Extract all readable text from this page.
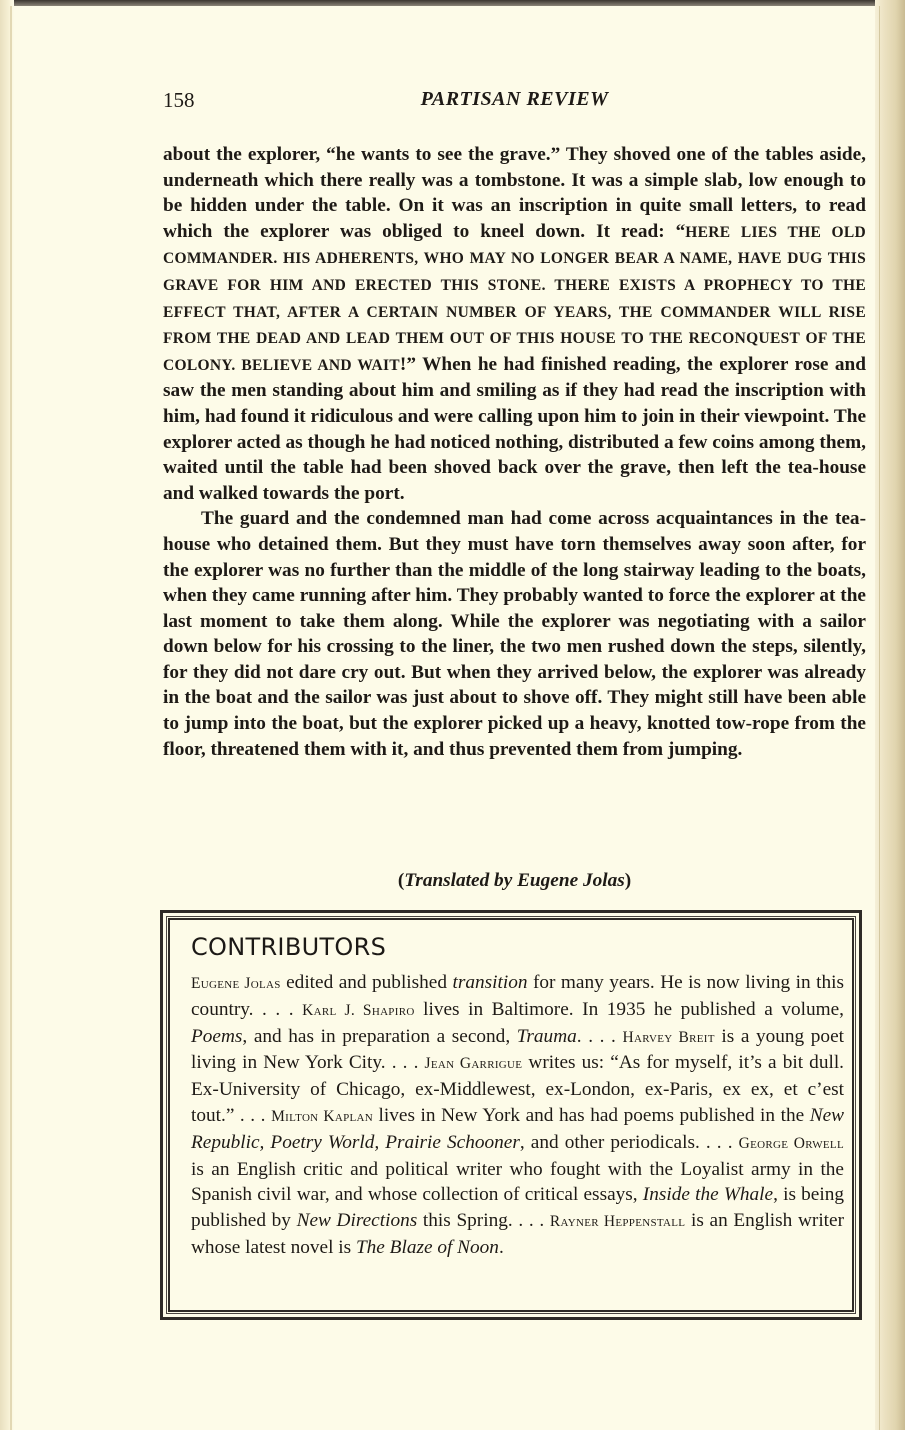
158	PARTISAN REVIEW

about the explorer, “he wants to see the grave.” They shoved one of the tables aside, underneath which there really was a tombstone. It was a simple slab, low enough to be hidden under the table. On it was an inscription in quite small letters, to read which the explorer was obliged to kneel down. It read: “HERE LIES THE OLD COMMANDER. HIS ADHERENTS, WHO MAY NO LONGER BEAR A NAME, HAVE DUG THIS GRAVE FOR HIM AND ERECTED THIS STONE. THERE EXISTS A PROPHECY TO THE EFFECT THAT, AFTER A CERTAIN NUMBER OF YEARS, THE COMMANDER WILL RISE FROM THE DEAD AND LEAD THEM OUT OF THIS HOUSE TO THE RECONQUEST OF THE COLONY. BELIEVE AND WAIT!” When he had finished reading, the explorer rose and saw the men standing about him and smiling as if they had read the inscription with him, had found it ridiculous and were calling upon him to join in their viewpoint. The explorer acted as though he had noticed nothing, distributed a few coins among them, waited until the table had been shoved back over the grave, then left the tea-house and walked towards the port.

The guard and the condemned man had come across acquaintances in the tea-house who detained them. But they must have torn themselves away soon after, for the explorer was no further than the middle of the long stairway leading to the boats, when they came running after him. They probably wanted to force the explorer at the last moment to take them along. While the explorer was negotiating with a sailor down below for his crossing to the liner, the two men rushed down the steps, silently, for they did not dare cry out. But when they arrived below, the explorer was already in the boat and the sailor was just about to shove off. They might still have been able to jump into the boat, but the explorer picked up a heavy, knotted tow-rope from the floor, threatened them with it, and thus prevented them from jumping.

(Translated by Eugene Jolas)
CONTRIBUTORS
Eugene Jolas edited and published transition for many years. He is now living in this country. . . . Karl J. Shapiro lives in Baltimore. In 1935 he published a volume, Poems, and has in preparation a second, Trauma. . . . Harvey Breit is a young poet living in New York City. . . . Jean Garrigue writes us: “As for myself, it’s a bit dull. Ex-University of Chicago, ex-Middlewest, ex-London, ex-Paris, ex ex, et c’est tout.” . . . Milton Kaplan lives in New York and has had poems published in the New Republic, Poetry World, Prairie Schooner, and other periodicals. . . . George Orwell is an English critic and political writer who fought with the Loyalist army in the Spanish civil war, and whose collection of critical essays, Inside the Whale, is being published by New Directions this Spring. . . . Rayner Heppenstall is an English writer whose latest novel is The Blaze of Noon.
